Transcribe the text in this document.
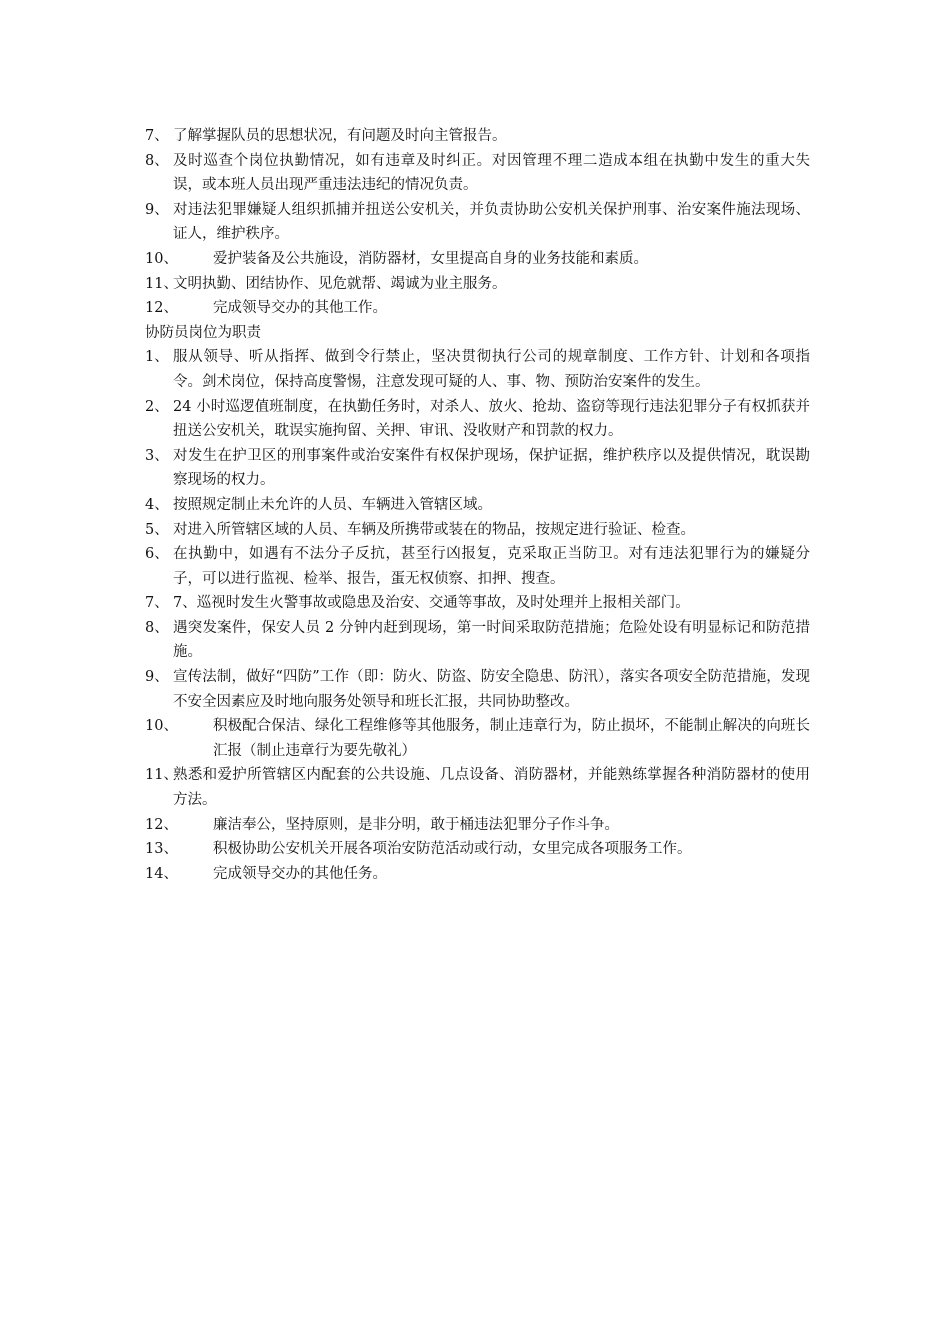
7、 了解掌握队员的思想状况，有问题及时向主管报告。
8、 及时巡查个岗位执勤情况，如有违章及时纠正。对因管理不理二造成本组在执勤中发生的重大失误，或本班人员出现严重违法违纪的情况负责。
9、 对违法犯罪嫌疑人组织抓捕并扭送公安机关，并负责协助公安机关保护刑事、治安案件施法现场、证人，维护秩序。
10、	爱护装备及公共施设，消防器材，女里提高自身的业务技能和素质。
11、
文明执勤、团结协作、见危就帮、竭诚为业主服务。
12、	完成领导交办的其他工作。
协防员岗位为职责
1、 服从领导、听从指挥、做到令行禁止，坚决贯彻执行公司的规章制度、工作方针、计划和各项指令。剑术岗位，保持高度警惕，注意发现可疑的人、事、物、预防治安案件的发生。
2、 24 小时巡逻值班制度，在执勤任务时，对杀人、放火、抢劫、盗窃等现行违法犯罪分子有权抓获并扭送公安机关，耽误实施拘留、关押、审讯、没收财产和罚款的权力。
3、 对发生在护卫区的刑事案件或治安案件有权保护现场，保护证据，维护秩序以及提供情况，耽误勘察现场的权力。
4、 按照规定制止未允许的人员、车辆进入管辖区域。
5、 对进入所管辖区域的人员、车辆及所携带或装在的物品，按规定进行验证、检查。
6、 在执勤中，如遇有不法分子反抗，甚至行凶报复，克采取正当防卫。对有违法犯罪行为的嫌疑分子，可以进行监视、检举、报告，蛋无权侦察、扣押、搜查。
7、 7、巡视时发生火警事故或隐患及治安、交通等事故，及时处理并上报相关部门。
8、 遇突发案件，保安人员 2 分钟内赶到现场，第一时间采取防范措施；危险处设有明显标记和防范措施。
9、 宣传法制，做好“四防”工作（即：防火、防盗、防安全隐患、防汛），落实各项安全防范措施，发现不安全因素应及时地向服务处领导和班长汇报，共同协助整改。
10、	积极配合保洁、绿化工程维修等其他服务，制止违章行为，防止损坏，不能制止解决的向班长汇报（制止违章行为要先敬礼）
11、
熟悉和爱护所管辖区内配套的公共设施、几点设备、消防器材，并能熟练掌握各种消防器材的使用方法。
12、	廉洁奉公，坚持原则，是非分明，敢于桶违法犯罪分子作斗争。
13、	积极协助公安机关开展各项治安防范活动或行动，女里完成各项服务工作。
14、	完成领导交办的其他任务。
